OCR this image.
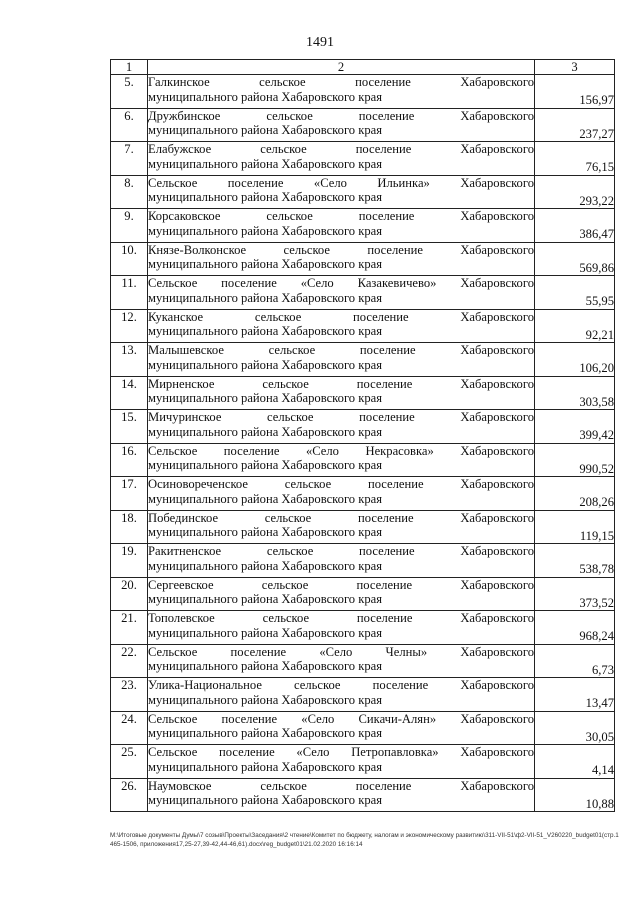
1491
1	2	3
5.	Галкинское сельское поселение Хабаровского
муниципального района Хабаровского края	156,97
6.	Дружбинское сельское поселение Хабаровского
муниципального района Хабаровского края	237,27
7.	Елабужское сельское поселение Хабаровского
муниципального района Хабаровского края	76,15
8.	Сельское поселение «Село Ильинка» Хабаровского
муниципального района Хабаровского края	293,22
9.	Корсаковское сельское поселение Хабаровского
муниципального района Хабаровского края	386,47
10.	Князе-Волконское сельское поселение Хабаровского
муниципального района Хабаровского края	569,86
11.	Сельское поселение «Село Казакевичево» Хабаровского
муниципального района Хабаровского края	55,95
12.	Куканское сельское поселение Хабаровского
муниципального района Хабаровского края	92,21
13.	Малышевское сельское поселение Хабаровского
муниципального района Хабаровского края	106,20
14.	Мирненское сельское поселение Хабаровского
муниципального района Хабаровского края	303,58
15.	Мичуринское сельское поселение Хабаровского
муниципального района Хабаровского края	399,42
16.	Сельское поселение «Село Некрасовка» Хабаровского
муниципального района Хабаровского края	990,52
17.	Осиновореченское сельское поселение Хабаровского
муниципального района Хабаровского края	208,26
18.	Побединское сельское поселение Хабаровского
муниципального района Хабаровского края	119,15
19.	Ракитненское сельское поселение Хабаровского
муниципального района Хабаровского края	538,78
20.	Сергеевское сельское поселение Хабаровского
муниципального района Хабаровского края	373,52
21.	Тополевское сельское поселение Хабаровского
муниципального района Хабаровского края	968,24
22.	Сельское поселение «Село Челны» Хабаровского
муниципального района Хабаровского края	6,73
23.	Улика-Национальное сельское поселение Хабаровского
муниципального района Хабаровского края	13,47
24.	Сельское поселение «Село Сикачи-Алян» Хабаровского
муниципального района Хабаровского края	30,05
25.	Сельское поселение «Село Петропавловка» Хабаровского
муниципального района Хабаровского края	4,14
26.	Наумовское сельское поселение Хабаровского
муниципального района Хабаровского края	10,88
M:\Итоговые документы Думы\7 созыв\Проекты\Заседания\2 чтение\Комитет по бюджету, налогам и экономическому развитию\311-VII-51\ф2-VII-51_V260220_budget01(стр.1465-1506, приложения17,25-27,39-42,44-46,61).docx\reg_budget01\21.02.2020 16:16:14
